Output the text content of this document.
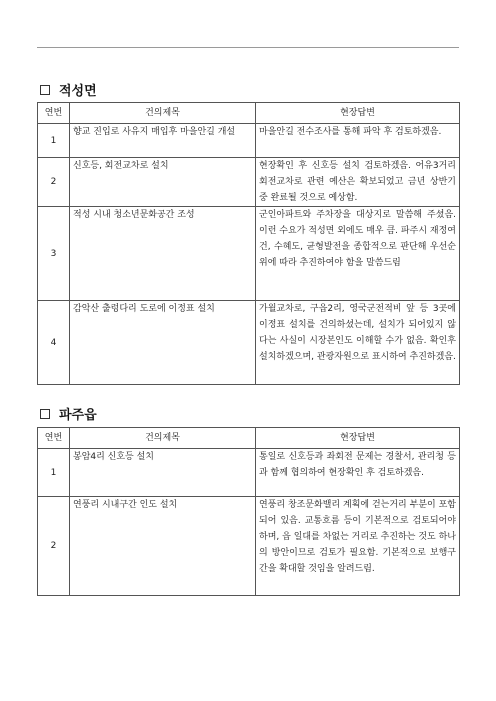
적성면
연번	건의제목	현장답변
1	향교 진입로 사유지 매입후 마을안길 개설	마을안길 전수조사를 통해 파악 후 검토하겠음.
2	신호등, 회전교차로 설치	현장확인 후 신호등 설치 검토하겠음. 어유3거리 회전교차로 관련 예산은 확보되었고 금년 상반기 중 완료될 것으로 예상함.
3	적성 시내 청소년문화공간 조성	군인아파트와 주차장을 대상지로 말씀해 주셨음. 이런 수요가 적성면 외에도 매우 큼. 파주시 재정여건, 수혜도, 균형발전을 종합적으로 판단해 우선순위에 따라 추진하여야 함을 말씀드림
4	감악산 출렁다리 도로에 이정표 설치	가월교차로, 구읍2리, 영국군전적비 앞 등 3곳에 이정표 설치를 건의하셨는데, 설치가 되어있지 않다는 사실이 시장본인도 이해할 수가 없음. 확인후 설치하겠으며, 관광자원으로 표시하여 추진하겠음.
파주읍
연번	건의제목	현장답변
1	봉암4리 신호등 설치	통일로 신호등과 좌회전 문제는 경찰서, 관리청 등과 함께 협의하여 현장확인 후 검토하겠음.
2	연풍리 시내구간 인도 설치	연풍리 창조문화밸리 계획에 걷는거리 부분이 포함되어 있음. 교통흐름 등이 기본적으로 검토되어야 하며, 읍 일대를 차없는 거리로 추진하는 것도 하나의 방안이므로 검토가 필요함. 기본적으로 보행구간을 확대할 것임을 알려드림.
